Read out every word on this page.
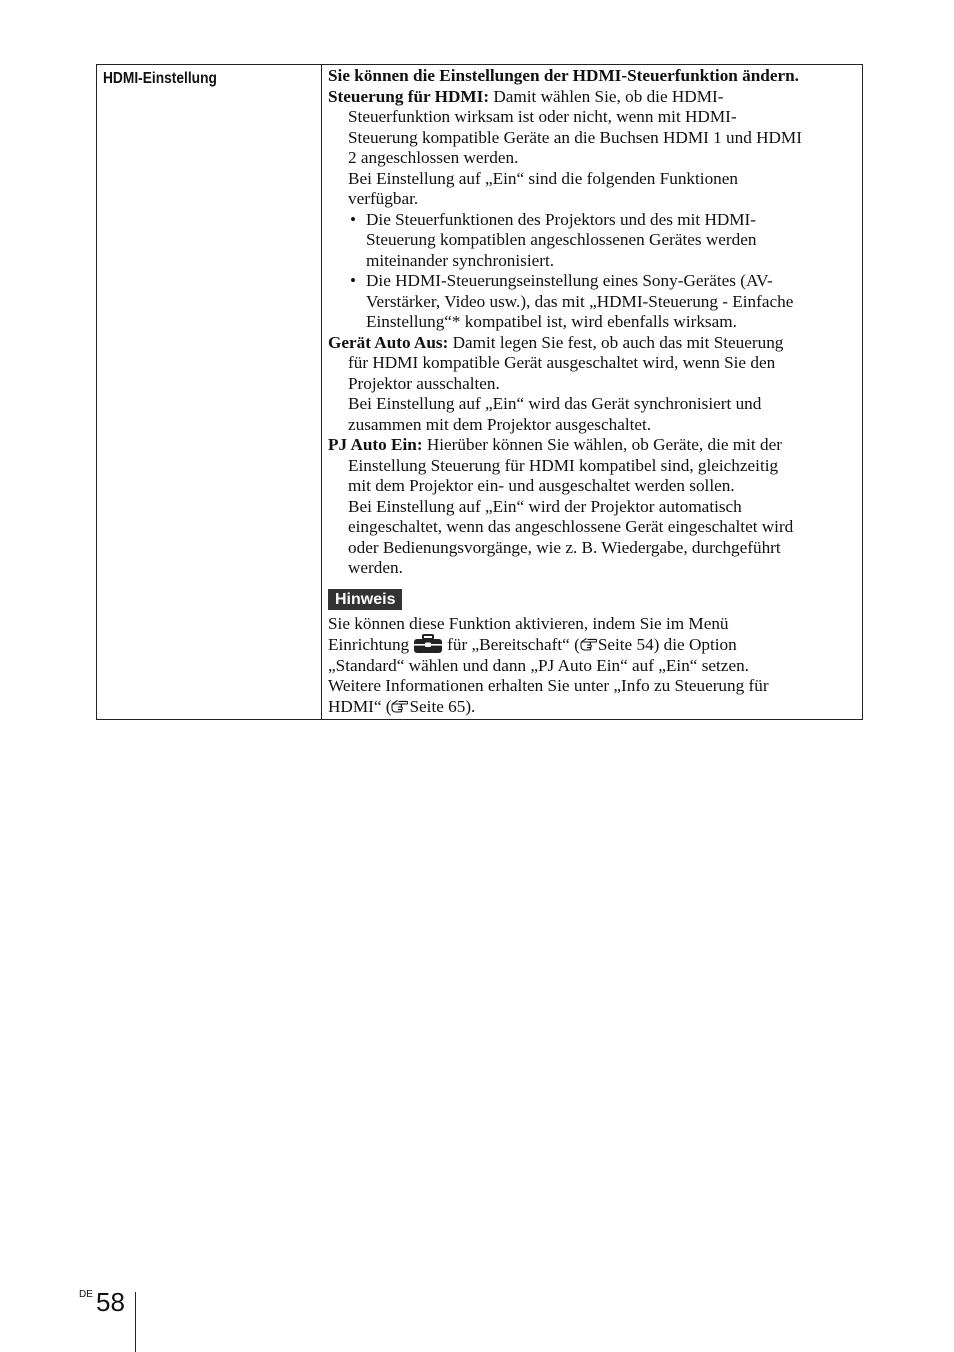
HDMI-Einstellung	Sie können die Einstellungen der HDMI-Steuerfunktion ändern.
Steuerung für HDMI: Damit wählen Sie, ob die HDMI-
Steuerfunktion wirksam ist oder nicht, wenn mit HDMI-
Steuerung kompatible Geräte an die Buchsen HDMI 1 und HDMI
2 angeschlossen werden.
Bei Einstellung auf „Ein“ sind die folgenden Funktionen
verfügbar.
• Die Steuerfunktionen des Projektors und des mit HDMI-
Steuerung kompatiblen angeschlossenen Gerätes werden
miteinander synchronisiert.
• Die HDMI-Steuerungseinstellung eines Sony-Gerätes (AV-
Verstärker, Video usw.), das mit „HDMI-Steuerung - Einfache
Einstellung“* kompatibel ist, wird ebenfalls wirksam.
Gerät Auto Aus: Damit legen Sie fest, ob auch das mit Steuerung
für HDMI kompatible Gerät ausgeschaltet wird, wenn Sie den
Projektor ausschalten.
Bei Einstellung auf „Ein“ wird das Gerät synchronisiert und
zusammen mit dem Projektor ausgeschaltet.
PJ Auto Ein: Hierüber können Sie wählen, ob Geräte, die mit der
Einstellung Steuerung für HDMI kompatibel sind, gleichzeitig
mit dem Projektor ein- und ausgeschaltet werden sollen.
Bei Einstellung auf „Ein“ wird der Projektor automatisch
eingeschaltet, wenn das angeschlossene Gerät eingeschaltet wird
oder Bedienungsvorgänge, wie z. B. Wiedergabe, durchgeführt
werden.
Hinweis
Sie können diese Funktion aktivieren, indem Sie im Menü
Einrichtung für „Bereitschaft“ ( Seite 54) die Option
„Standard“ wählen und dann „PJ Auto Ein“ auf „Ein“ setzen.
Weitere Informationen erhalten Sie unter „Info zu Steuerung für
HDMI“ ( Seite 65).
DE 58
